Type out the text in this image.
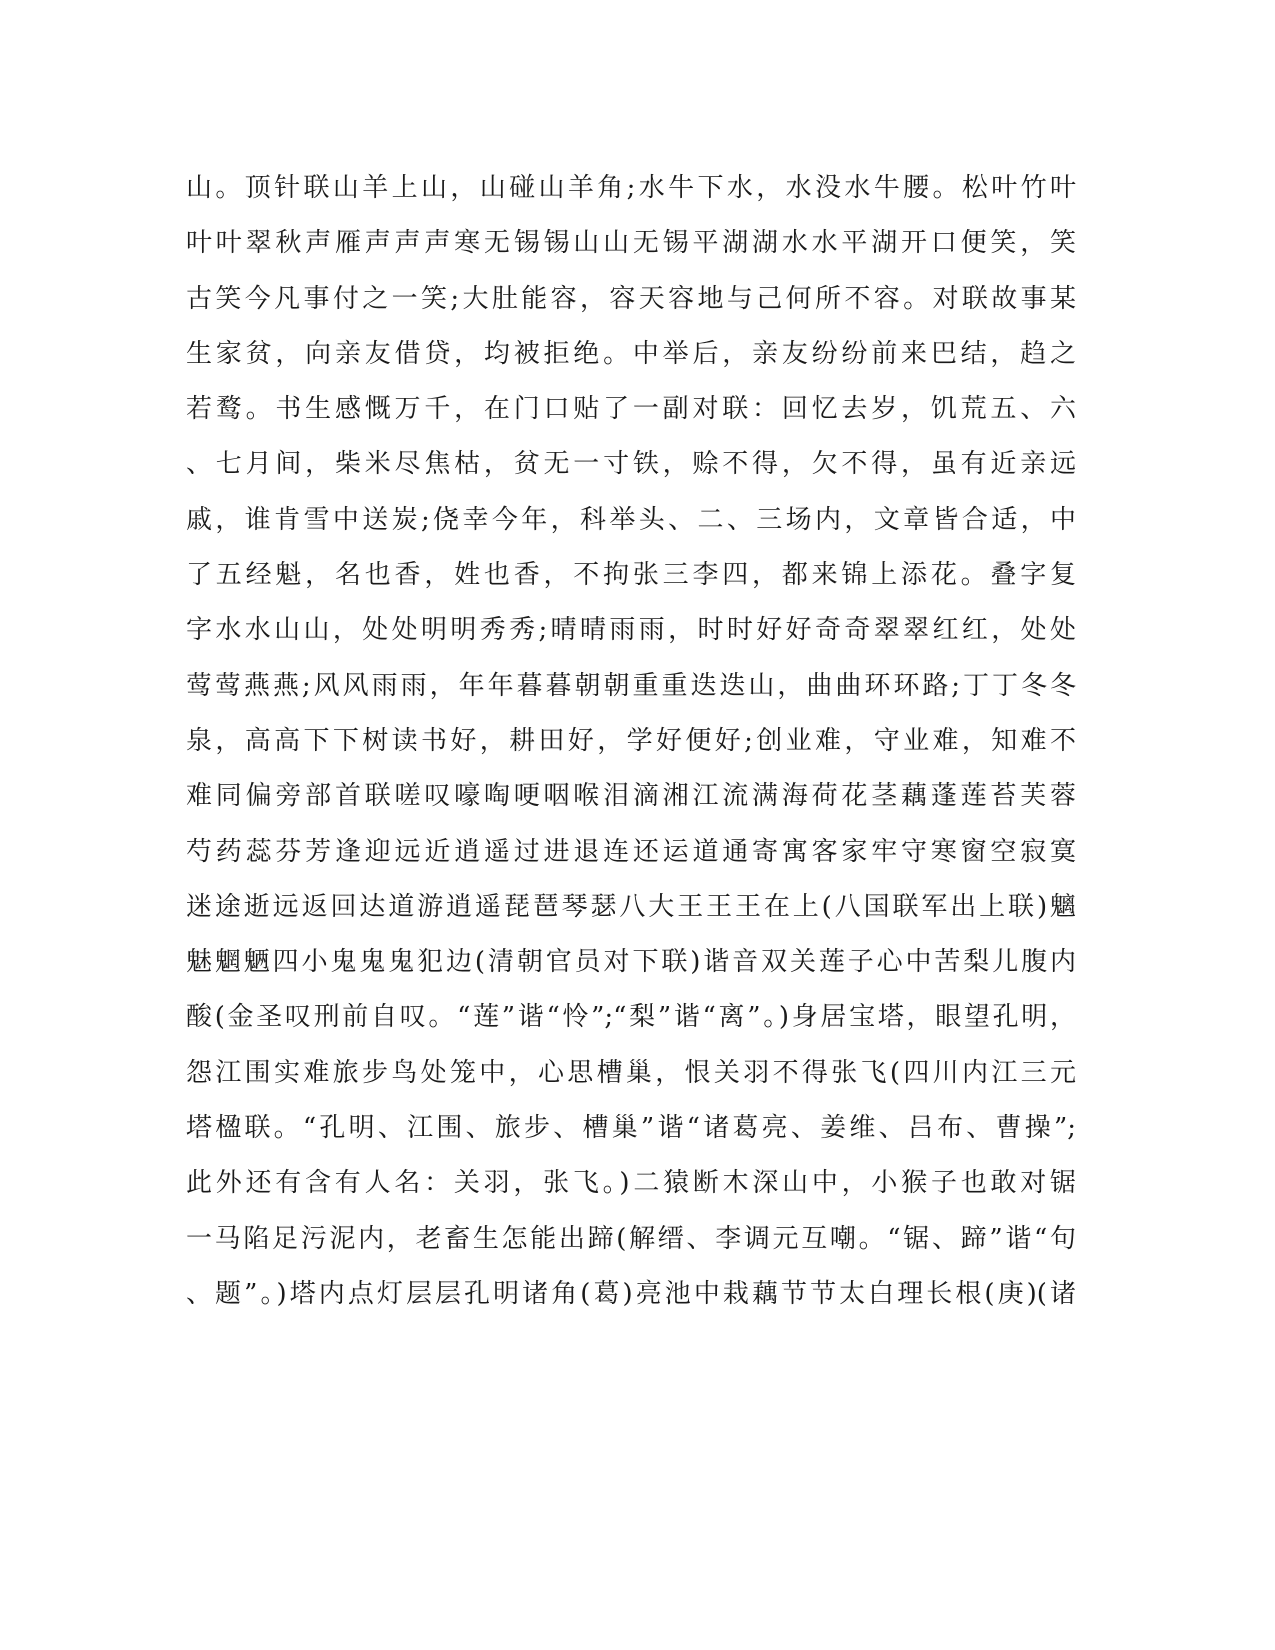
山。顶针联山羊上山，山碰山羊角;水牛下水，水没水牛腰。松叶竹叶
叶叶翠秋声雁声声声寒无锡锡山山无锡平湖湖水水平湖开口便笑，笑
古笑今凡事付之一笑;大肚能容，容天容地与己何所不容。对联故事某
生家贫，向亲友借贷，均被拒绝。中举后，亲友纷纷前来巴结，趋之
若鹜。书生感慨万千，在门口贴了一副对联：回忆去岁，饥荒五、六
、七月间，柴米尽焦枯，贫无一寸铁，赊不得，欠不得，虽有近亲远
戚，谁肯雪中送炭;侥幸今年，科举头、二、三场内，文章皆合适，中
了五经魁，名也香，姓也香，不拘张三李四，都来锦上添花。叠字复
字水水山山，处处明明秀秀;晴晴雨雨，时时好好奇奇翠翠红红，处处
莺莺燕燕;风风雨雨，年年暮暮朝朝重重迭迭山，曲曲环环路;丁丁冬冬
泉，高高下下树读书好，耕田好，学好便好;创业难，守业难，知难不
难同偏旁部首联嗟叹嚎啕哽咽喉泪滴湘江流满海荷花茎藕蓬莲苔芙蓉
芍药蕊芬芳逢迎远近逍遥过进退连还运道通寄寓客家牢守寒窗空寂寞
迷途逝远返回达道游逍遥琵琶琴瑟八大王王王在上(八国联军出上联)魑
魅魍魉四小鬼鬼鬼犯边(清朝官员对下联)谐音双关莲子心中苦梨儿腹内
酸(金圣叹刑前自叹。“莲”谐“怜”;“梨”谐“离”。)身居宝塔，眼望孔明，
怨江围实难旅步鸟处笼中，心思槽巢，恨关羽不得张飞(四川内江三元
塔楹联。“孔明、江围、旅步、槽巢”谐“诸葛亮、姜维、吕布、曹操”;
此外还有含有人名：关羽，张飞。)二猿断木深山中，小猴子也敢对锯
一马陷足污泥内，老畜生怎能出蹄(解缙、李调元互嘲。“锯、蹄”谐“句
、题”。)塔内点灯层层孔明诸角(葛)亮池中栽藕节节太白理长根(庚)(诸
